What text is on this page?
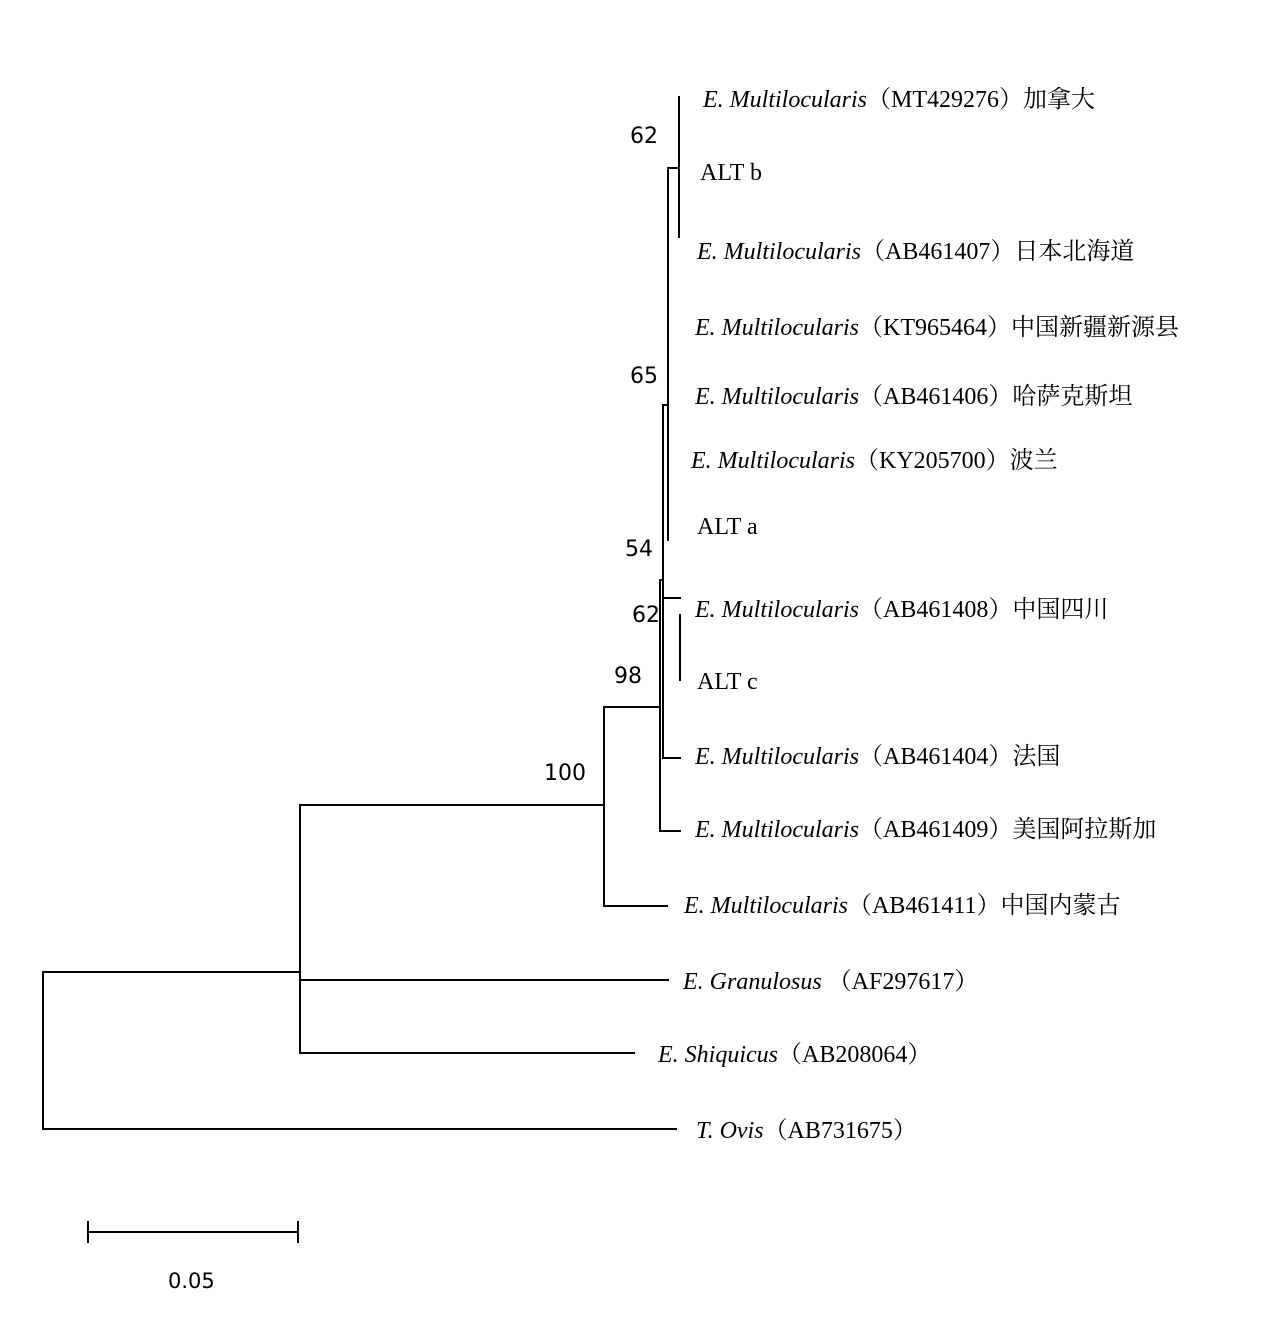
62
65
54
62
98
100
E. Multilocularis（MT429276）加拿大
ALT b
E. Multilocularis（AB461407）日本北海道
E. Multilocularis（KT965464）中国新疆新源县
E. Multilocularis（AB461406）哈萨克斯坦
E. Multilocularis（KY205700）波兰
ALT a
E. Multilocularis（AB461408）中国四川
ALT c
E. Multilocularis（AB461404）法国
E. Multilocularis（AB461409）美国阿拉斯加
E. Multilocularis（AB461411）中国内蒙古
E. Granulosus （AF297617）
E. Shiquicus（AB208064）
T. Ovis（AB731675）
0.05
